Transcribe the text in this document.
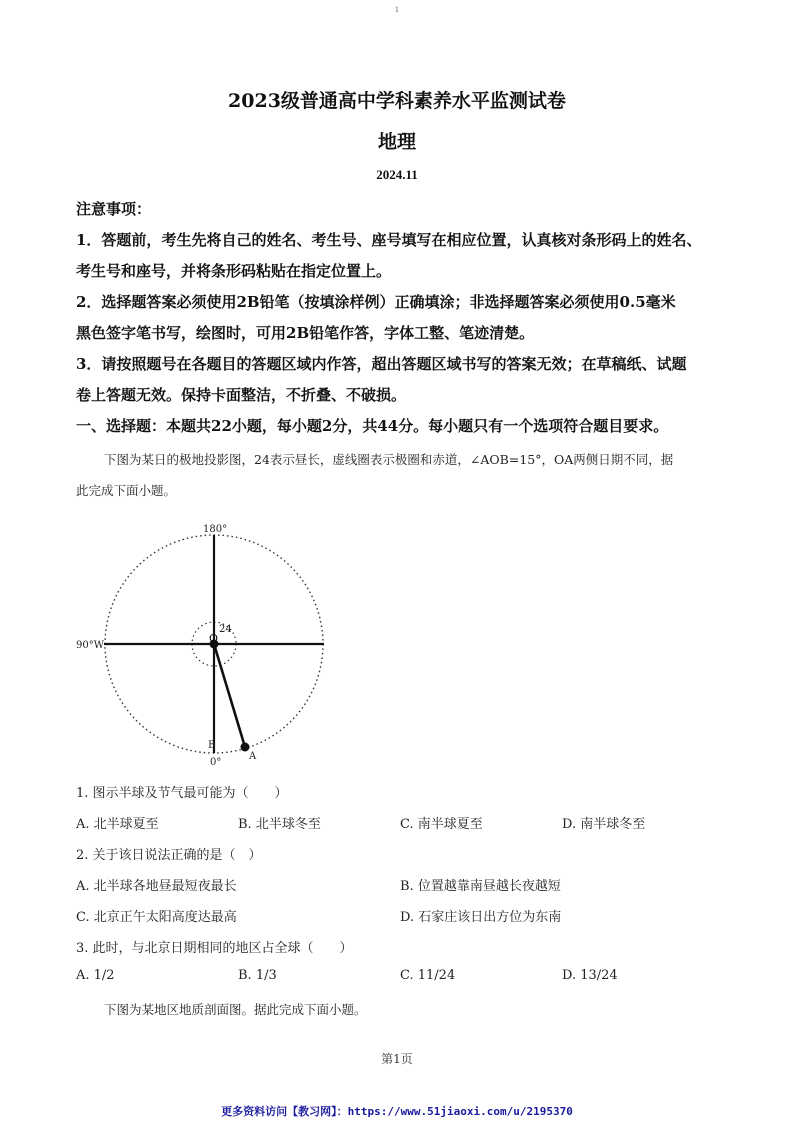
1
2023级普通高中学科素养水平监测试卷
地理
2024.11
注意事项：
1．答题前，考生先将自己的姓名、考生号、座号填写在相应位置，认真核对条形码上的姓名、
考生号和座号，并将条形码粘贴在指定位置上。
2．选择题答案必须使用2B铅笔（按填涂样例）正确填涂；非选择题答案必须使用0.5毫米
黑色签字笔书写，绘图时，可用2B铅笔作答，字体工整、笔迹清楚。
3．请按照题号在各题目的答题区域内作答，超出答题区域书写的答案无效；在草稿纸、试题
卷上答题无效。保持卡面整洁，不折叠、不破损。
一、选择题：本题共22小题，每小题2分，共44分。每小题只有一个选项符合题目要求。
下图为某日的极地投影图，24表示昼长，虚线圈表示极圈和赤道，∠AOB=15°，OA两侧日期不同，据
此完成下面小题。
180°
90°W
0°
O
24
B
A
1. 图示半球及节气最可能为（　　）
A. 北半球夏至	B. 北半球冬至	C. 南半球夏至	D. 南半球冬至
2. 关于该日说法正确的是（　）
A. 北半球各地昼最短夜最长	B. 位置越靠南昼越长夜越短
C. 北京正午太阳高度达最高	D. 石家庄该日出方位为东南
3. 此时，与北京日期相同的地区占全球（　　）
A. 1/2	B. 1/3	C. 11/24	D. 13/24
下图为某地区地质剖面图。据此完成下面小题。
第1页
更多资料访问【教习网】：https://www.51jiaoxi.com/u/2195370
